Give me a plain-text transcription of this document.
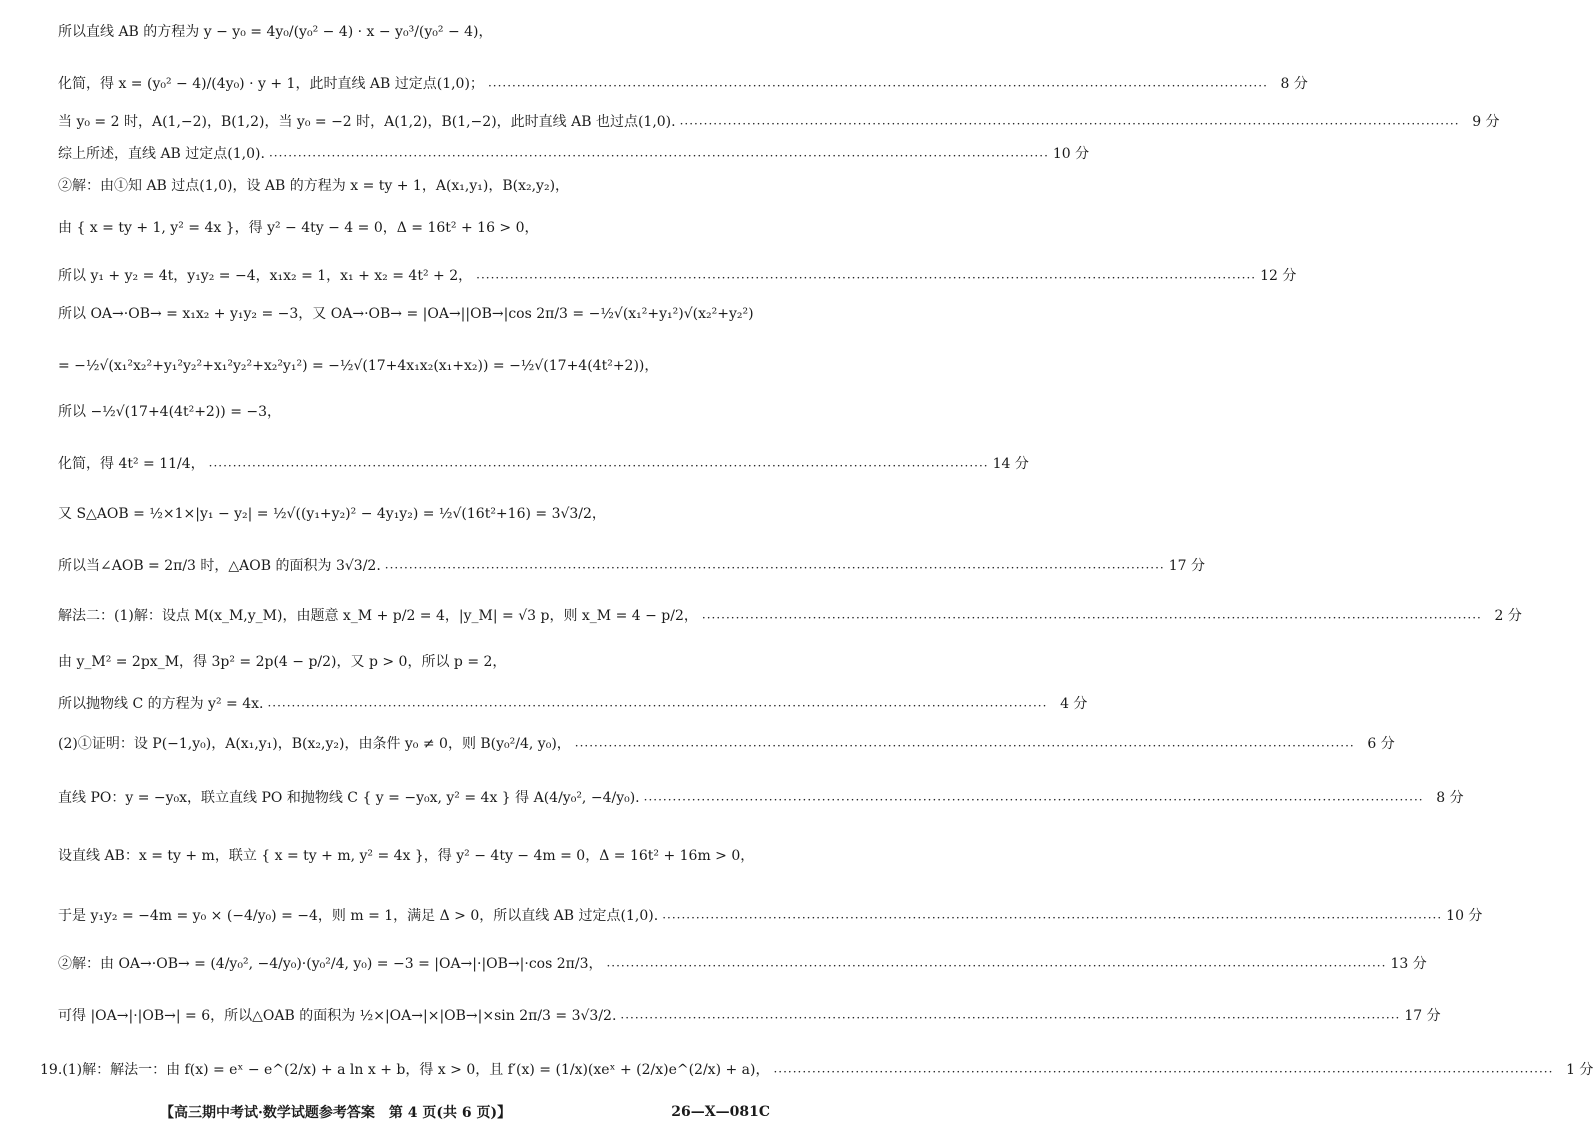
所以直线 AB 的方程为 y − y₀ = 4y₀/(y₀² − 4) · x − y₀³/(y₀² − 4)，
化简，得 x = (y₀² − 4)/(4y₀) · y + 1，此时直线 AB 过定点(1,0)； ·····	8 分
当 y₀ = 2 时，A(1,−2)，B(1,2)，当 y₀ = −2 时，A(1,2)，B(1,−2)，此时直线 AB 也过点(1,0). ·····	9 分
综上所述，直线 AB 过定点(1,0). ·····	10 分
②解：由①知 AB 过点(1,0)，设 AB 的方程为 x = ty + 1，A(x₁,y₁)，B(x₂,y₂)，
由 { x = ty + 1, y² = 4x }，得 y² − 4ty − 4 = 0，Δ = 16t² + 16 > 0，
所以 y₁ + y₂ = 4t，y₁y₂ = −4，x₁x₂ = 1，x₁ + x₂ = 4t² + 2， ·····	12 分
所以 OA→·OB→ = x₁x₂ + y₁y₂ = −3，又 OA→·OB→ = |OA→||OB→|cos 2π/3 = −½√(x₁²+y₁²)√(x₂²+y₂²)
= −½√(x₁²x₂²+y₁²y₂²+x₁²y₂²+x₂²y₁²) = −½√(17+4x₁x₂(x₁+x₂)) = −½√(17+4(4t²+2))，
所以 −½√(17+4(4t²+2)) = −3，
化简，得 4t² = 11/4， ·····	14 分
又 S△AOB = ½×1×|y₁ − y₂| = ½√((y₁+y₂)² − 4y₁y₂) = ½√(16t²+16) = 3√3/2，
所以当∠AOB = 2π/3 时，△AOB 的面积为 3√3/2. ·····	17 分
解法二：(1)解：设点 M(x_M,y_M)，由题意 x_M + p/2 = 4，|y_M| = √3 p，则 x_M = 4 − p/2， ·····	2 分
由 y_M² = 2px_M，得 3p² = 2p(4 − p/2)，又 p > 0，所以 p = 2，
所以抛物线 C 的方程为 y² = 4x. ·····	4 分
(2)①证明：设 P(−1,y₀)，A(x₁,y₁)，B(x₂,y₂)，由条件 y₀ ≠ 0，则 B(y₀²/4, y₀)， ·····	6 分
直线 PO：y = −y₀x，联立直线 PO 和抛物线 C { y = −y₀x, y² = 4x } 得 A(4/y₀², −4/y₀). ·····	8 分
设直线 AB：x = ty + m，联立 { x = ty + m, y² = 4x }，得 y² − 4ty − 4m = 0，Δ = 16t² + 16m > 0，
于是 y₁y₂ = −4m = y₀ × (−4/y₀) = −4，则 m = 1，满足 Δ > 0，所以直线 AB 过定点(1,0). ·····	10 分
②解：由 OA→·OB→ = (4/y₀², −4/y₀)·(y₀²/4, y₀) = −3 = |OA→|·|OB→|·cos 2π/3， ·····	13 分
可得 |OA→|·|OB→| = 6，所以△OAB 的面积为 ½×|OA→|×|OB→|×sin 2π/3 = 3√3/2. ·····	17 分
19.(1)解：解法一：由 f(x) = eˣ − e^(2/x) + a ln x + b，得 x > 0，且 f′(x) = (1/x)(xeˣ + (2/x)e^(2/x) + a)， ·····	1 分
【高三期中考试·数学试题参考答案　第 4 页(共 6 页)】	26—X—081C
